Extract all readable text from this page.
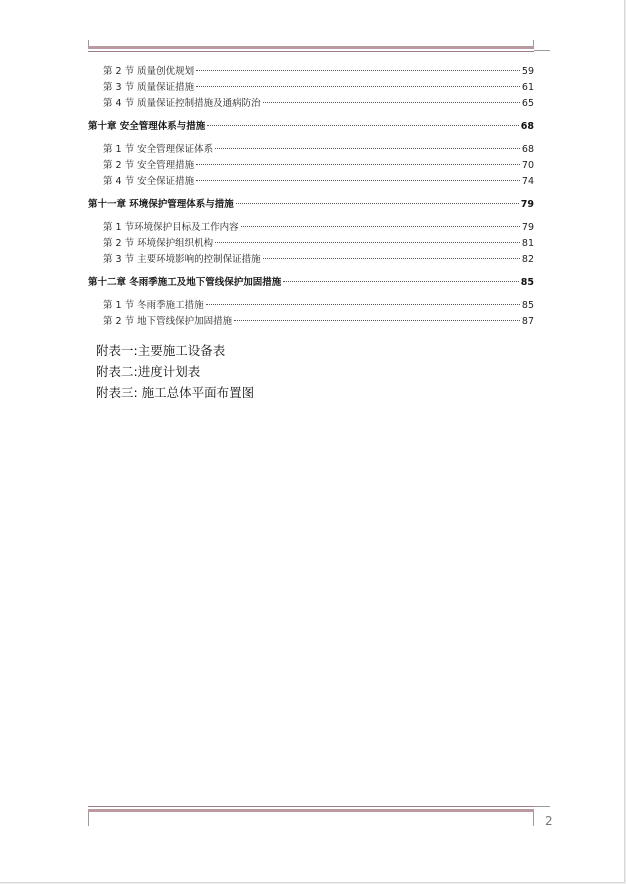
第 2 节 质量创优规划	59
第 3 节 质量保证措施	61
第 4 节 质量保证控制措施及通病防治	65
第十章 安全管理体系与措施	68
第 1 节 安全管理保证体系	68
第 2 节 安全管理措施	70
第 4 节 安全保证措施	74
第十一章 环境保护管理体系与措施	79
第 1 节环境保护目标及工作内容	79
第 2 节 环境保护组织机构	81
第 3 节 主要环境影响的控制保证措施	82
第十二章 冬雨季施工及地下管线保护加固措施	85
第 1 节 冬雨季施工措施	85
第 2 节 地下管线保护加固措施	87
附表一:主要施工设备表
附表二:进度计划表
附表三: 施工总体平面布置图
2
